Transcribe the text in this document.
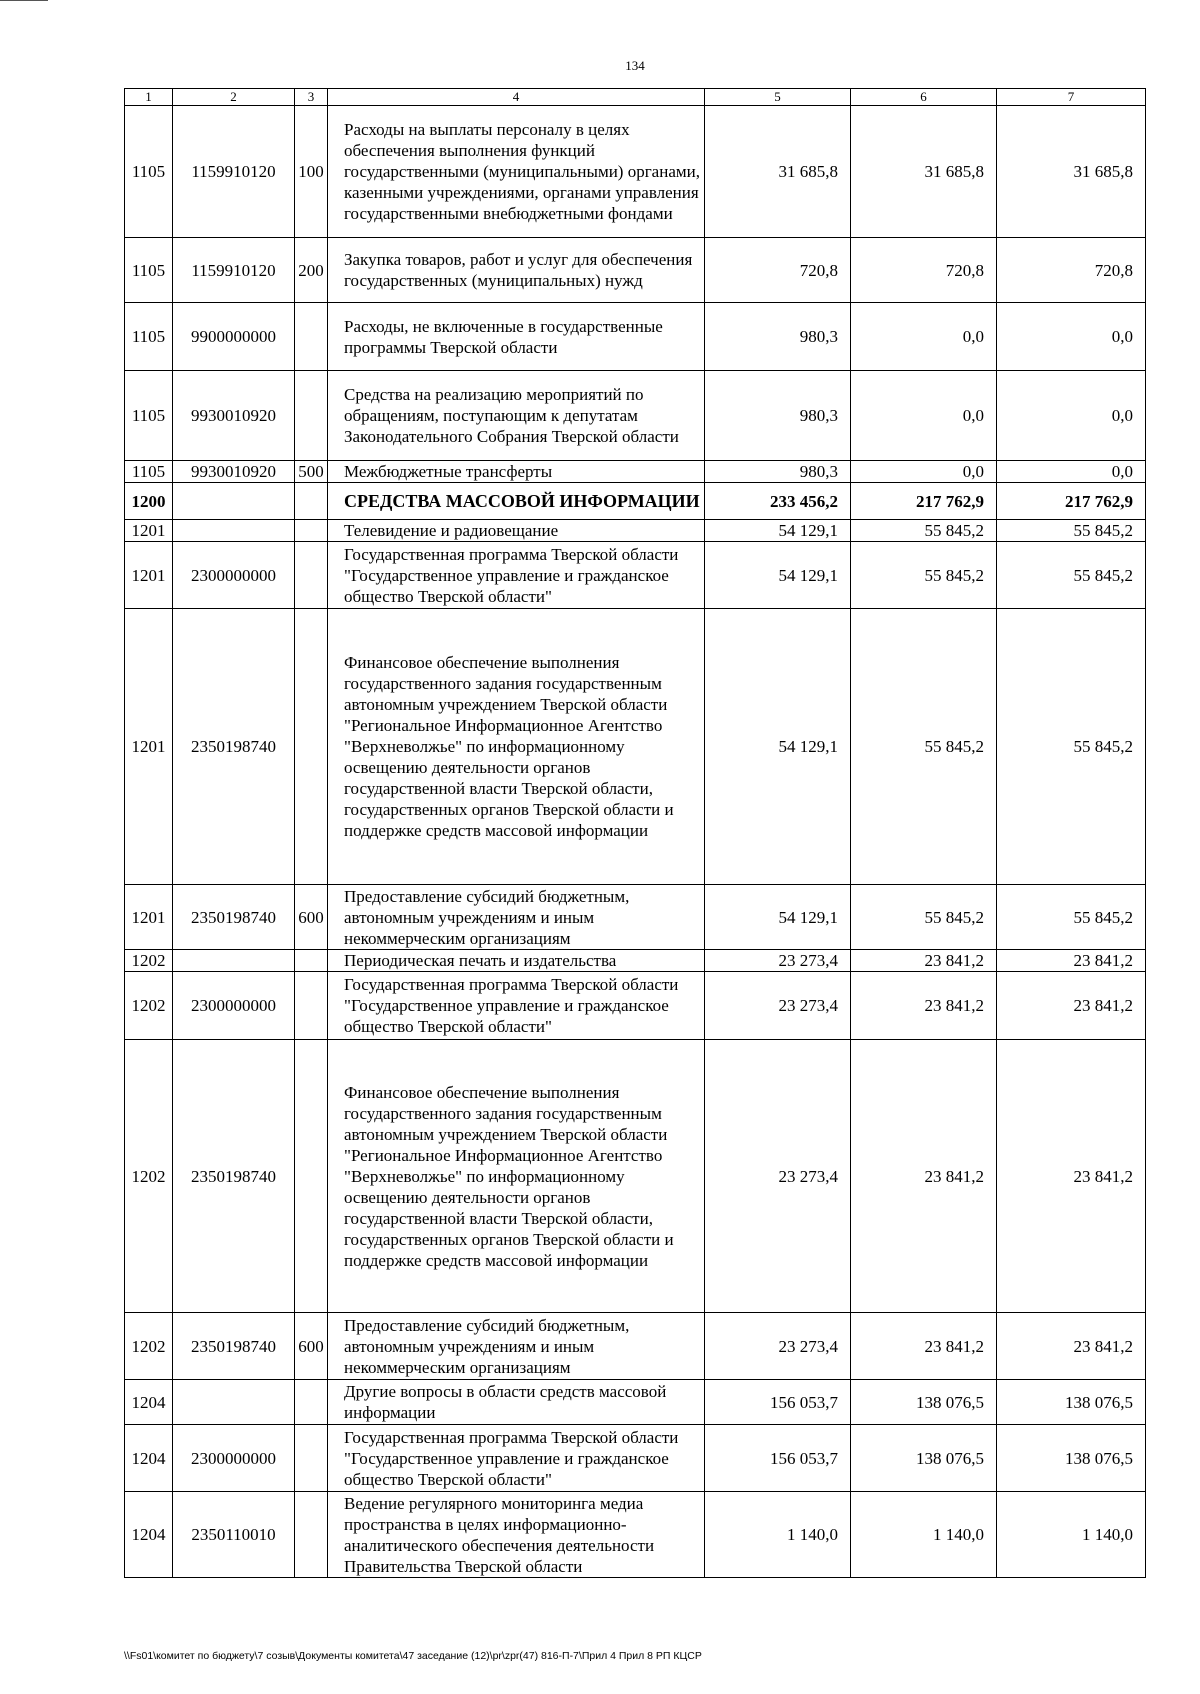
134
1	2	3	4	5	6	7
1105	1159910120	100	Расходы на выплаты персоналу в целях обеспечения выполнения функций государственными (муниципальными) органами, казенными учреждениями, органами управления государственными внебюджетными фондами	31 685,8	31 685,8	31 685,8
1105	1159910120	200	Закупка товаров, работ и услуг для обеспечения государственных (муниципальных) нужд	720,8	720,8	720,8
1105	9900000000		Расходы, не включенные в государственные программы Тверской области	980,3	0,0	0,0
1105	9930010920		Средства на реализацию мероприятий по обращениям, поступающим к депутатам Законодательного Собрания Тверской области	980,3	0,0	0,0
1105	9930010920	500	Межбюджетные трансферты	980,3	0,0	0,0
1200			СРЕДСТВА МАССОВОЙ ИНФОРМАЦИИ	233 456,2	217 762,9	217 762,9
1201			Телевидение и радиовещание	54 129,1	55 845,2	55 845,2
1201	2300000000		Государственная программа Тверской области "Государственное управление и гражданское общество Тверской области"	54 129,1	55 845,2	55 845,2
1201	2350198740		Финансовое обеспечение выполнения государственного задания государственным автономным учреждением Тверской области "Региональное Информационное Агентство "Верхневолжье" по информационному освещению деятельности органов государственной власти Тверской области, государственных органов Тверской области и поддержке средств массовой информации	54 129,1	55 845,2	55 845,2
1201	2350198740	600	Предоставление субсидий бюджетным, автономным учреждениям и иным некоммерческим организациям	54 129,1	55 845,2	55 845,2
1202			Периодическая печать и издательства	23 273,4	23 841,2	23 841,2
1202	2300000000		Государственная программа Тверской области "Государственное управление и гражданское общество Тверской области"	23 273,4	23 841,2	23 841,2
1202	2350198740		Финансовое обеспечение выполнения государственного задания государственным автономным учреждением Тверской области "Региональное Информационное Агентство "Верхневолжье" по информационному освещению деятельности органов государственной власти Тверской области, государственных органов Тверской области и поддержке средств массовой информации	23 273,4	23 841,2	23 841,2
1202	2350198740	600	Предоставление субсидий бюджетным, автономным учреждениям и иным некоммерческим организациям	23 273,4	23 841,2	23 841,2
1204			Другие вопросы в области средств массовой информации	156 053,7	138 076,5	138 076,5
1204	2300000000		Государственная программа Тверской области "Государственное управление и гражданское общество Тверской области"	156 053,7	138 076,5	138 076,5
1204	2350110010		Ведение регулярного мониторинга медиа пространства в целях информационно-аналитического обеспечения деятельности Правительства Тверской области	1 140,0	1 140,0	1 140,0
\\Fs01\комитет по бюджету\7 созыв\Документы комитета\47 заседание (12)\pr\zpr(47) 816-П-7\Прил 4 Прил 8 РП КЦСР
